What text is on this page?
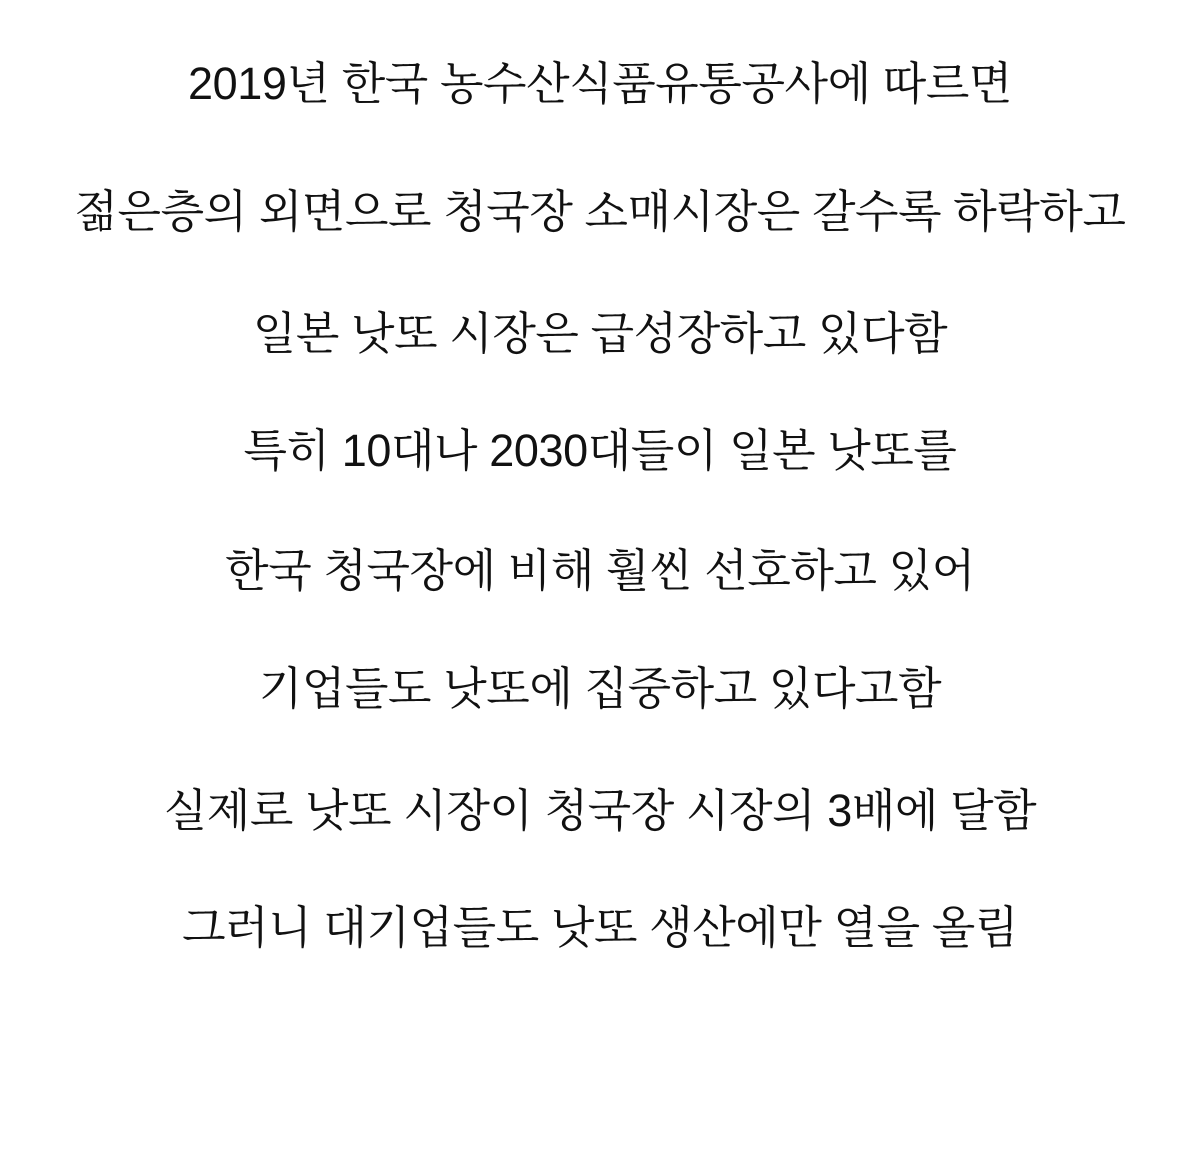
2019년 한국 농수산식품유통공사에 따르면
젊은층의 외면으로 청국장 소매시장은 갈수록 하락하고
일본 낫또 시장은 급성장하고 있다함
특히 10대나 2030대들이 일본 낫또를
한국 청국장에 비해 훨씬 선호하고 있어
기업들도 낫또에 집중하고 있다고함
실제로 낫또 시장이 청국장 시장의 3배에 달함
그러니 대기업들도 낫또 생산에만 열을 올림
